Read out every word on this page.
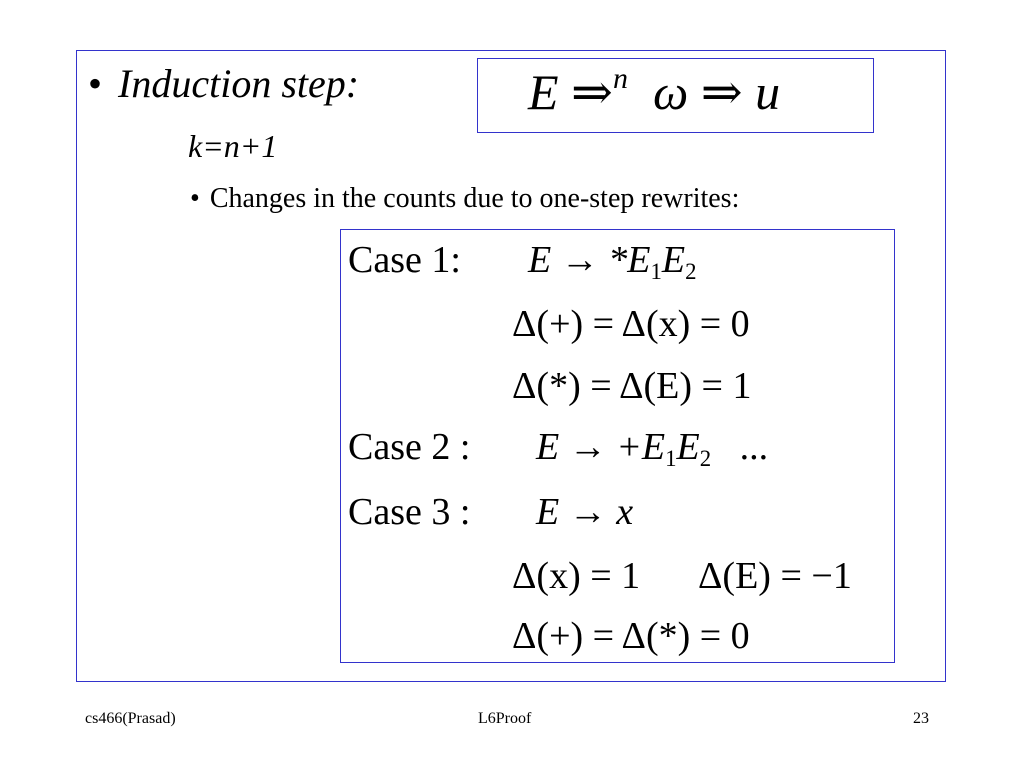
• Induction step:
k=n+1
• Changes in the counts due to one-step rewrites:
E ⇒$^n$ ω ⇒ u
Case 1: $E \to *E_1E_2$
Δ(+) = Δ(x) = 0
Δ(*) = Δ(E) = 1
Case 2 : $E \to +E_1E_2$ ...
Case 3 : E → x
Δ(x) = 1 Δ(E) = −1
Δ(+) = Δ(*) = 0
cs466(Prasad)	L6Proof	23
